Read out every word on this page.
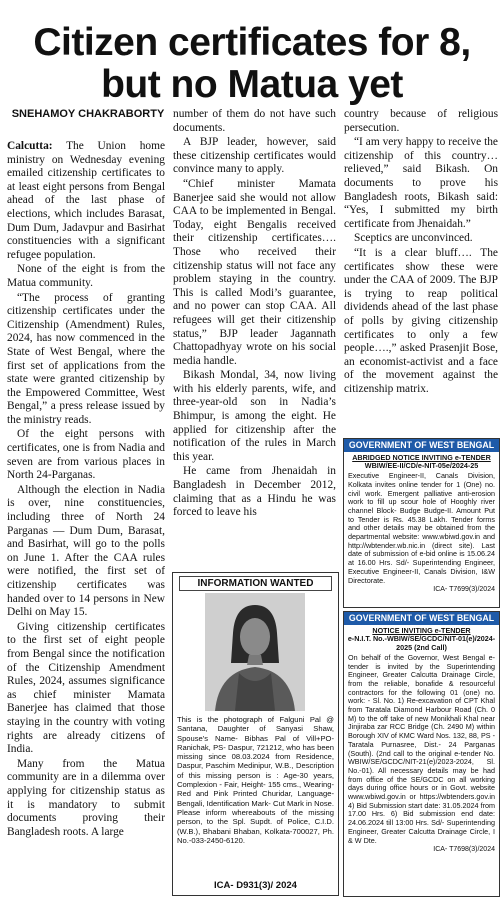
Citizen certificates for 8, but no Matua yet
SNEHAMOY CHAKRABORTY

Calcutta: The Union home ministry on Wednesday evening emailed citizenship certificates to at least eight persons from Bengal ahead of the last phase of elections, which includes Barasat, Dum Dum, Jadavpur and Basirhat constituencies with a significant refugee population.

None of the eight is from the Matua community.

“The process of granting citizenship certificates under the Citizenship (Amendment) Rules, 2024, has now commenced in the State of West Bengal, where the first set of applications from the state were granted citizenship by the Empowered Committee, West Bengal,” a press release issued by the ministry reads.

Of the eight persons with certificates, one is from Nadia and seven are from various places in North 24-Parganas.

Although the election in Nadia is over, nine constituencies, including three of North 24 Parganas — Dum Dum, Barasat, and Basirhat, will go to the polls on June 1. After the CAA rules were notified, the first set of citizenship certificates was handed over to 14 persons in New Delhi on May 15.

Giving citizenship certificates to the first set of eight people from Bengal since the notification of the Citizenship Amendment Rules, 2024, assumes significance as chief minister Mamata Banerjee has claimed that those staying in the country with voting rights are already citizens of India.

Many from the Matua community are in a dilemma over applying for citizenship status as it is mandatory to submit documents proving their Bangladesh roots. A large

number of them do not have such documents.

A BJP leader, however, said these citizenship certificates would convince many to apply.

“Chief minister Mamata Banerjee said she would not allow CAA to be implemented in Bengal. Today, eight Bengalis received their citizenship certificates…. Those who received their citizenship status will not face any problem staying in the country. This is called Modi’s guarantee, and no power can stop CAA. All refugees will get their citizenship status,” BJP leader Jagannath Chattopadhyay wrote on his social media handle.

Bikash Mondal, 34, now living with his elderly parents, wife, and three-year-old son in Nadia’s Bhimpur, is among the eight. He applied for citizenship after the notification of the rules in March this year.

He came from Jhenaidah in Bangladesh in December 2012, claiming that as a Hindu he was forced to leave his

country because of religious persecution.

“I am very happy to receive the citizenship of this country… relieved,” said Bikash. On documents to prove his Bangladesh roots, Bikash said: “Yes, I submitted my birth certificate from Jhenaidah.”

Sceptics are unconvinced.

“It is a clear bluff…. The certificates show these were under the CAA of 2009. The BJP is trying to reap political dividends ahead of the last phase of polls by giving citizenship certificates to only a few people….,” asked Prasenjit Bose, an economist-activist and a face of the movement against the citizenship matrix.

INFORMATION WANTED
This is the photograph of Falguni Pal @ Santana, Daughter of Sanyasi Shaw, Spouse's Name- Bibhas Pal of Vill+PO- Ranichak, PS- Daspur, 721212, who has been missing since 08.03.2024 from Residence, Daspur, Paschim Medinipur, W.B., Description of this missing person is : Age-30 years, Complexion - Fair, Height- 155 cms., Wearing- Red and Pink Printed Churidar, Language- Bengali, Identification Mark- Cut Mark in Nose. Please inform whereabouts of the missing person, to the Spl. Supdt. of Police, C.I.D. (W.B.), Bhabani Bhaban, Kolkata-700027, Ph. No.-033-2450-6120.
ICA- D931(3)/ 2024
GOVERNMENT OF WEST BENGAL
ABRIDGED NOTICE INVITING e-TENDER
WBIW/EE-II/CD/e-NIT-05e/2024-25
Executive Engineer-II, Canals Division, Kolkata invites online tender for 1 (One) no. civil work. Emergent palliative anti-erosion work to fill up scour hole of Hooghly river channel Block- Budge Budge-II. Amount Put to Tender is Rs. 45.38 Lakh. Tender forms and other details may be obtained from the departmental website: www.wbiwd.gov.in and http://wbtender.wb.nic.in (direct site). Last date of submission of e-bid online is 15.06.24 at 16.00 Hrs. Sd/- Superintending Engineer, Executive Engineer-II, Canals Division, I&W Directorate.
ICA- T7699(3)/2024
GOVERNMENT OF WEST BENGAL
NOTICE INVITING e-TENDER
e-N.I.T. No.-WBIW/SE/GCDC/NIT-01(e)/2024-2025 (2nd Call)
On behalf of the Governor, West Bengal e-tender is invited by the Superintending Engineer, Greater Calcutta Drainage Circle, from the reliable, bonafide & resourceful contractors for the following 01 (one) no. work: - Sl. No. 1) Re-excavation of CPT Khal from Taratala Diamond Harbour Road (Ch. 0 M) to the off take of new Monikhali Khal near Jinjiraba zar RCC Bridge (Ch. 2490 M) within Borough XIV of KMC Ward Nos. 132, 88, PS - Taratala Purnasree, Dist.- 24 Parganas (South). (2nd call to the original e-tender No. WBIW/SE/GCDC/NIT-21(e)/2023-2024, Sl. No.-01). All necessary details may be had from office of the SE/GCDC on all working days during office hours or in Govt. website www.wbiwd.gov.in or https://wbtenders.gov.in 4) Bid Submission start date: 31.05.2024 from 17.00 Hrs. 6) Bid submission end date: 24.06.2024 till 13:00 Hrs. Sd/- Superintending Engineer, Greater Calcutta Drainage Circle, I & W Dte.
ICA- T7698(3)/2024
